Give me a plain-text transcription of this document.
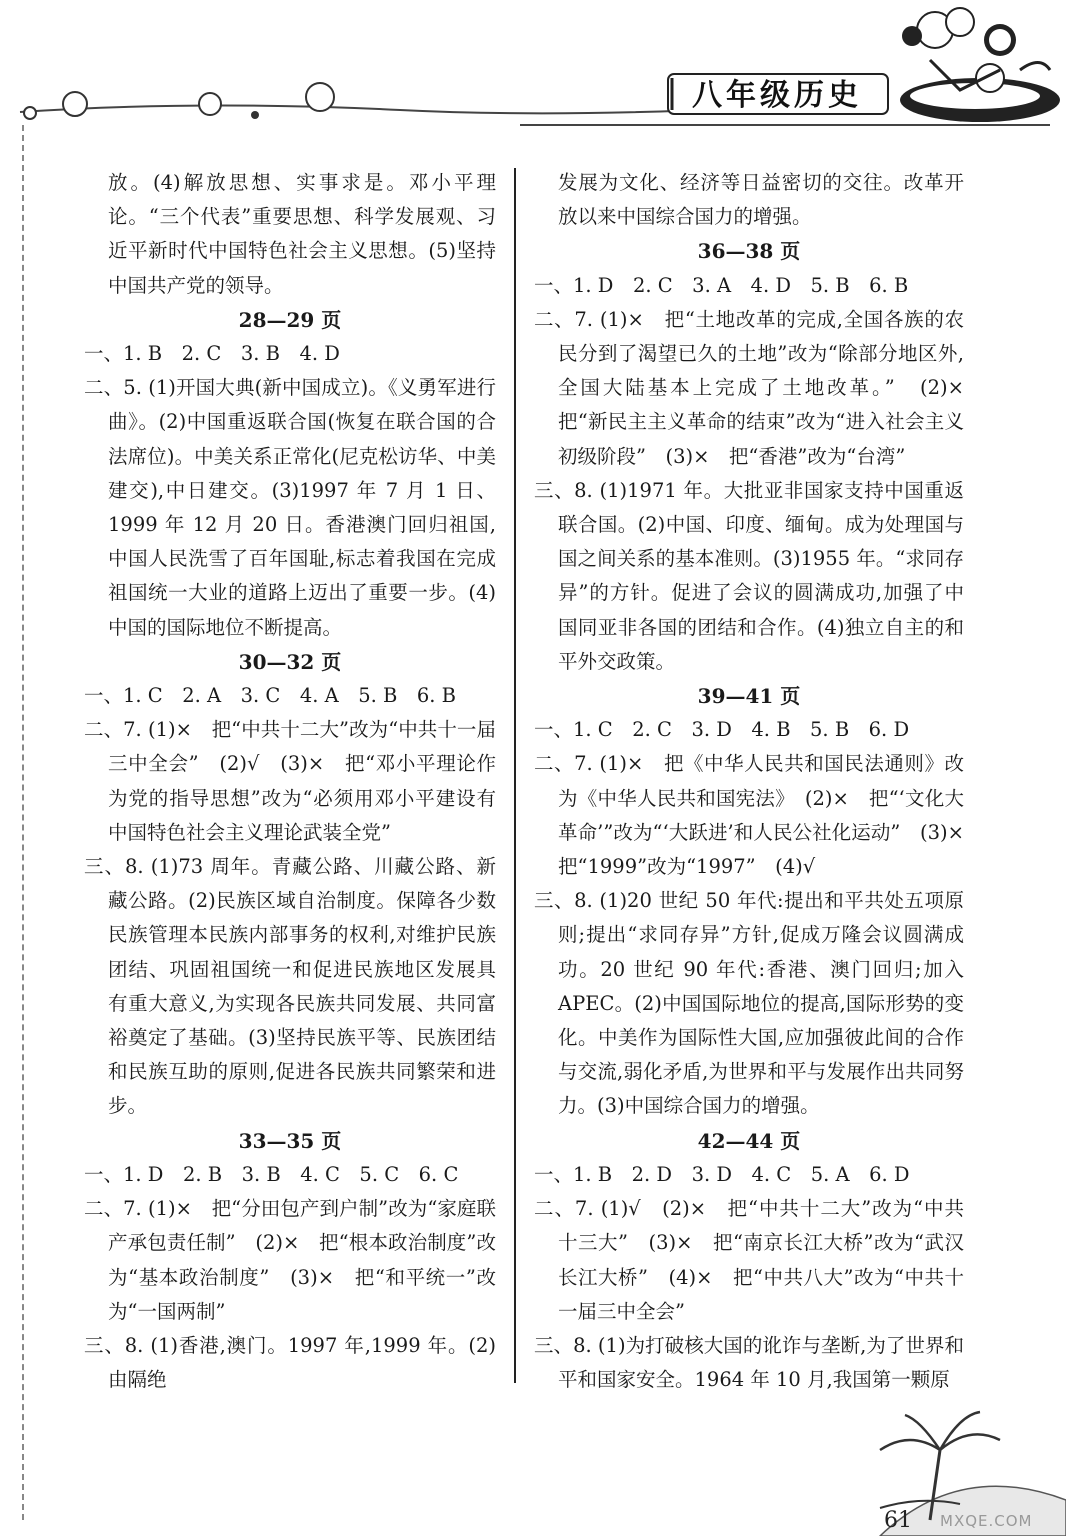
八年级历史

放。(4)解放思想、实事求是。邓小平理论。“三个代表”重要思想、科学发展观、习近平新时代中国特色社会主义思想。(5)坚持中国共产党的领导。

28—29 页

一、1. B　2. C　3. B　4. D

二、5. (1)开国大典(新中国成立)。《义勇军进行曲》。(2)中国重返联合国(恢复在联合国的合法席位)。中美关系正常化(尼克松访华、中美建交),中日建交。(3)1997 年 7 月 1 日、1999 年 12 月 20 日。香港澳门回归祖国,中国人民洗雪了百年国耻,标志着我国在完成祖国统一大业的道路上迈出了重要一步。(4)中国的国际地位不断提高。

30—32 页

一、1. C　2. A　3. C　4. A　5. B　6. B

二、7. (1)×　把“中共十二大”改为“中共十一届三中全会”　(2)√　(3)×　把“邓小平理论作为党的指导思想”改为“必须用邓小平建设有中国特色社会主义理论武装全党”

三、8. (1)73 周年。青藏公路、川藏公路、新藏公路。(2)民族区域自治制度。保障各少数民族管理本民族内部事务的权利,对维护民族团结、巩固祖国统一和促进民族地区发展具有重大意义,为实现各民族共同发展、共同富裕奠定了基础。(3)坚持民族平等、民族团结和民族互助的原则,促进各民族共同繁荣和进步。

33—35 页

一、1. D　2. B　3. B　4. C　5. C　6. C

二、7. (1)×　把“分田包产到户制”改为“家庭联产承包责任制”　(2)×　把“根本政治制度”改为“基本政治制度”　(3)×　把“和平统一”改为“一国两制”

三、8. (1)香港,澳门。1997 年,1999 年。(2)由隔绝

发展为文化、经济等日益密切的交往。改革开放以来中国综合国力的增强。

36—38 页

一、1. D　2. C　3. A　4. D　5. B　6. B

二、7. (1)×　把“土地改革的完成,全国各族的农民分到了渴望已久的土地”改为“除部分地区外,全国大陆基本上完成了土地改革。”　(2)×　把“新民主主义革命的结束”改为“进入社会主义初级阶段”　(3)×　把“香港”改为“台湾”

三、8. (1)1971 年。大批亚非国家支持中国重返联合国。(2)中国、印度、缅甸。成为处理国与国之间关系的基本准则。(3)1955 年。“求同存异”的方针。促进了会议的圆满成功,加强了中国同亚非各国的团结和合作。(4)独立自主的和平外交政策。

39—41 页

一、1. C　2. C　3. D　4. B　5. B　6. D

二、7. (1)×　把《中华人民共和国民法通则》改为《中华人民共和国宪法》　(2)×　把“‘文化大革命’”改为“‘大跃进’和人民公社化运动”　(3)×　把“1999”改为“1997”　(4)√

三、8. (1)20 世纪 50 年代:提出和平共处五项原则;提出“求同存异”方针,促成万隆会议圆满成功。20 世纪 90 年代:香港、澳门回归;加入 APEC。(2)中国国际地位的提高,国际形势的变化。中美作为国际性大国,应加强彼此间的合作与交流,弱化矛盾,为世界和平与发展作出共同努力。(3)中国综合国力的增强。

42—44 页

一、1. B　2. D　3. D　4. C　5. A　6. D

二、7. (1)√　(2)×　把“中共十二大”改为“中共十三大”　(3)×　把“南京长江大桥”改为“武汉长江大桥”　(4)×　把“中共八大”改为“中共十一届三中全会”

三、8. (1)为打破核大国的讹诈与垄断,为了世界和平和国家安全。1964 年 10 月,我国第一颗原

61 MXQE.COM
